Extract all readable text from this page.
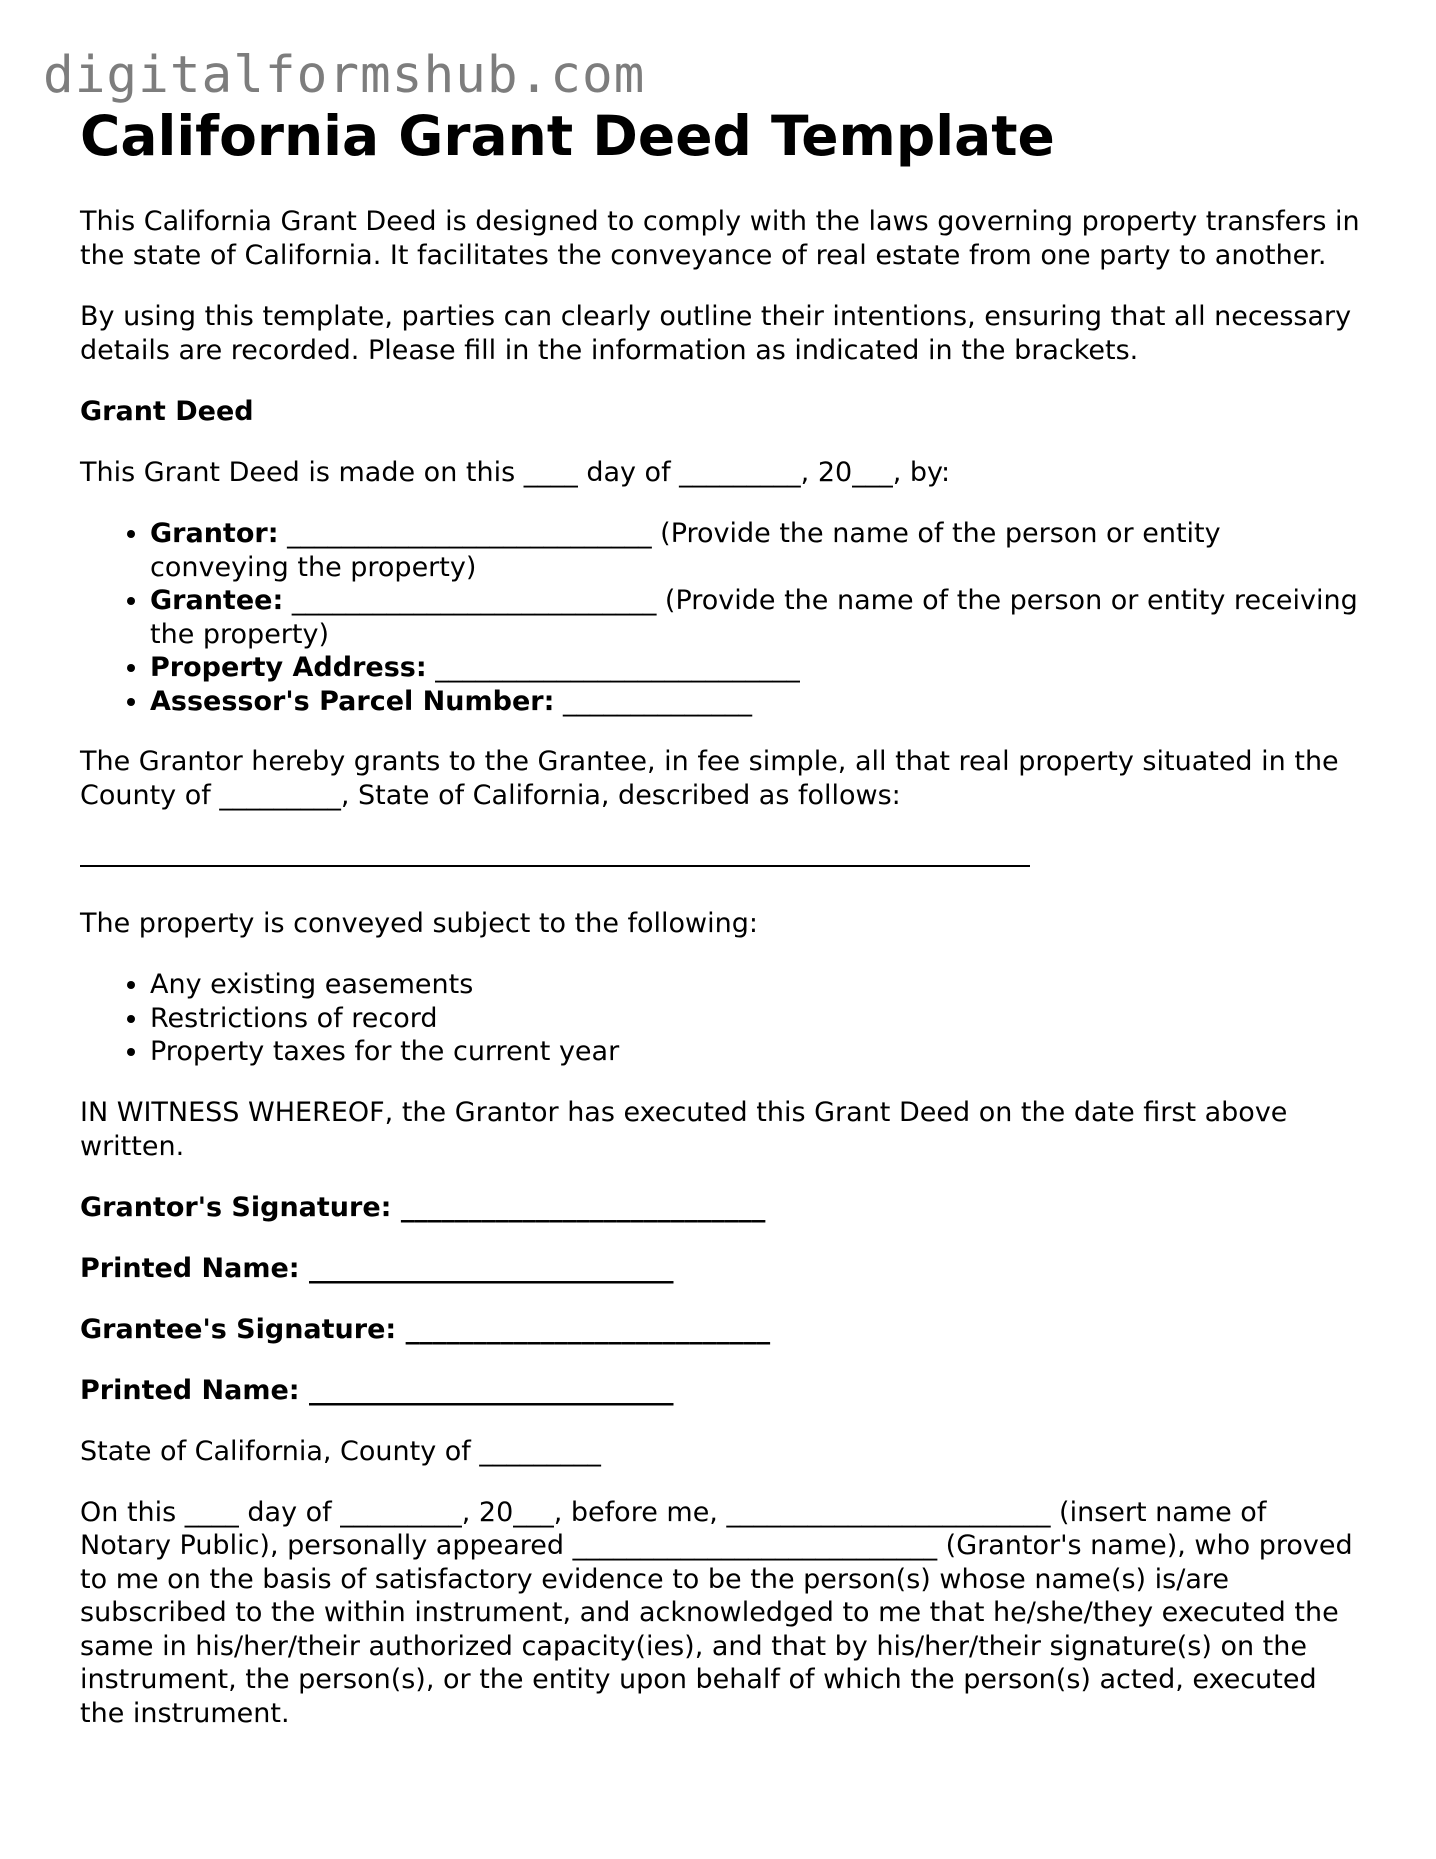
digitalformshub.com
California Grant Deed Template

This California Grant Deed is designed to comply with the laws governing property transfers in the state of California. It facilitates the conveyance of real estate from one party to another.

By using this template, parties can clearly outline their intentions, ensuring that all necessary details are recorded. Please fill in the information as indicated in the brackets.

Grant Deed

This Grant Deed is made on this ____ day of _________, 20___, by:

• Grantor: ___________________________ (Provide the name of the person or entity conveying the property)
• Grantee: ___________________________ (Provide the name of the person or entity receiving the property)
• Property Address: ___________________________
• Assessor's Parcel Number: ______________

The Grantor hereby grants to the Grantee, in fee simple, all that real property situated in the County of _________, State of California, described as follows:

The property is conveyed subject to the following:

• Any existing easements
• Restrictions of record
• Property taxes for the current year

IN WITNESS WHEREOF, the Grantor has executed this Grant Deed on the date first above written.

Grantor's Signature: ___________________________

Printed Name: ___________________________

Grantee's Signature: ___________________________

Printed Name: ___________________________

State of California, County of _________

On this ____ day of _________, 20___, before me, ________________________ (insert name of Notary Public), personally appeared ___________________________ (Grantor's name), who proved to me on the basis of satisfactory evidence to be the person(s) whose name(s) is/are subscribed to the within instrument, and acknowledged to me that he/she/they executed the same in his/her/their authorized capacity(ies), and that by his/her/their signature(s) on the instrument, the person(s), or the entity upon behalf of which the person(s) acted, executed the instrument.
